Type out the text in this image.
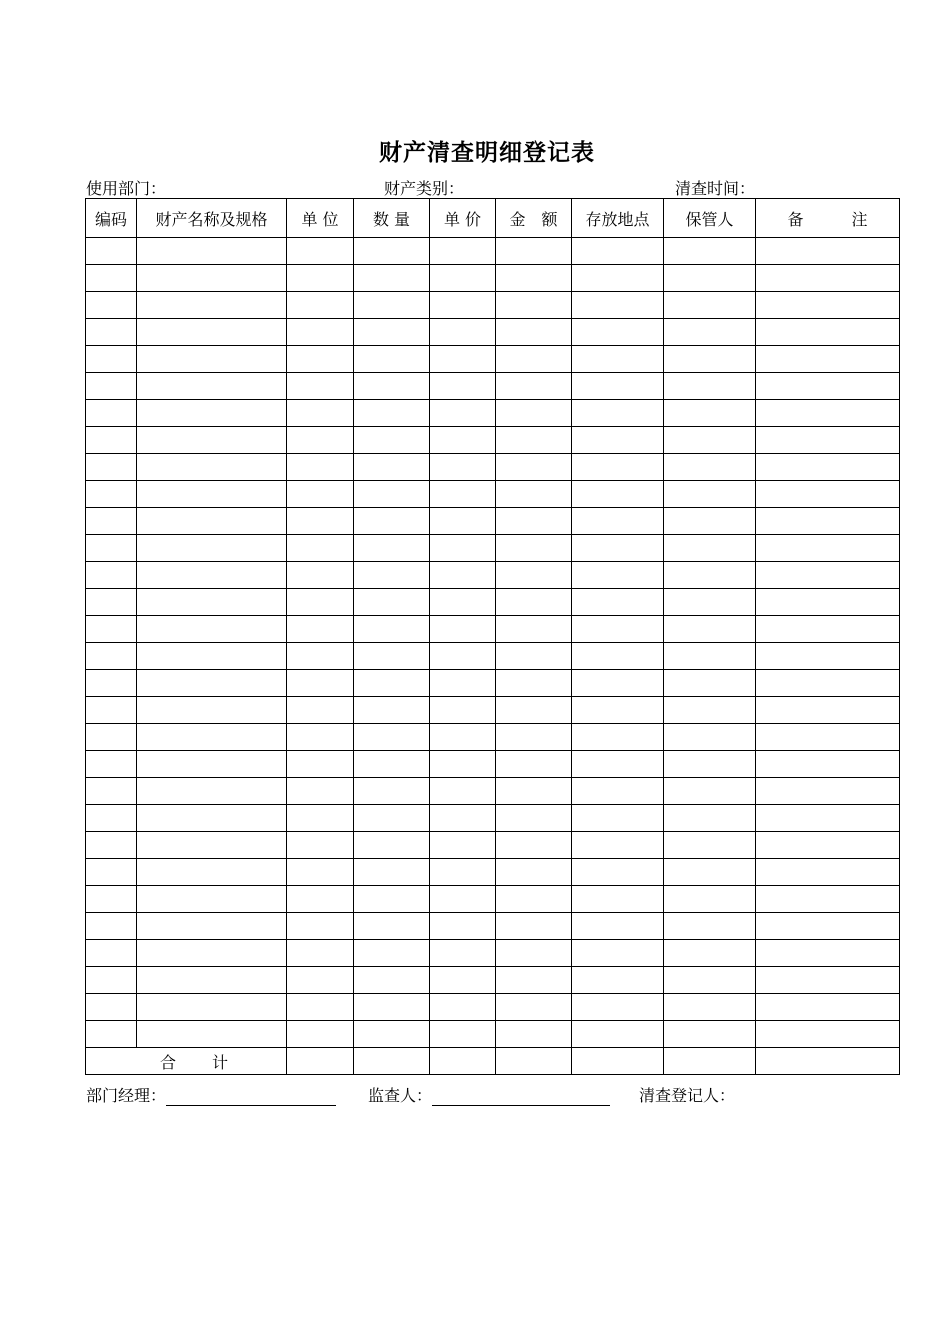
财产清查明细登记表
使用部门：	财产类别：	清查时间：
编码	财产名称及规格	单 位	数 量	单 价	金　额	存放地点	保管人	备　　　注

合计								
部门经理：	监查人：	清查登记人：
